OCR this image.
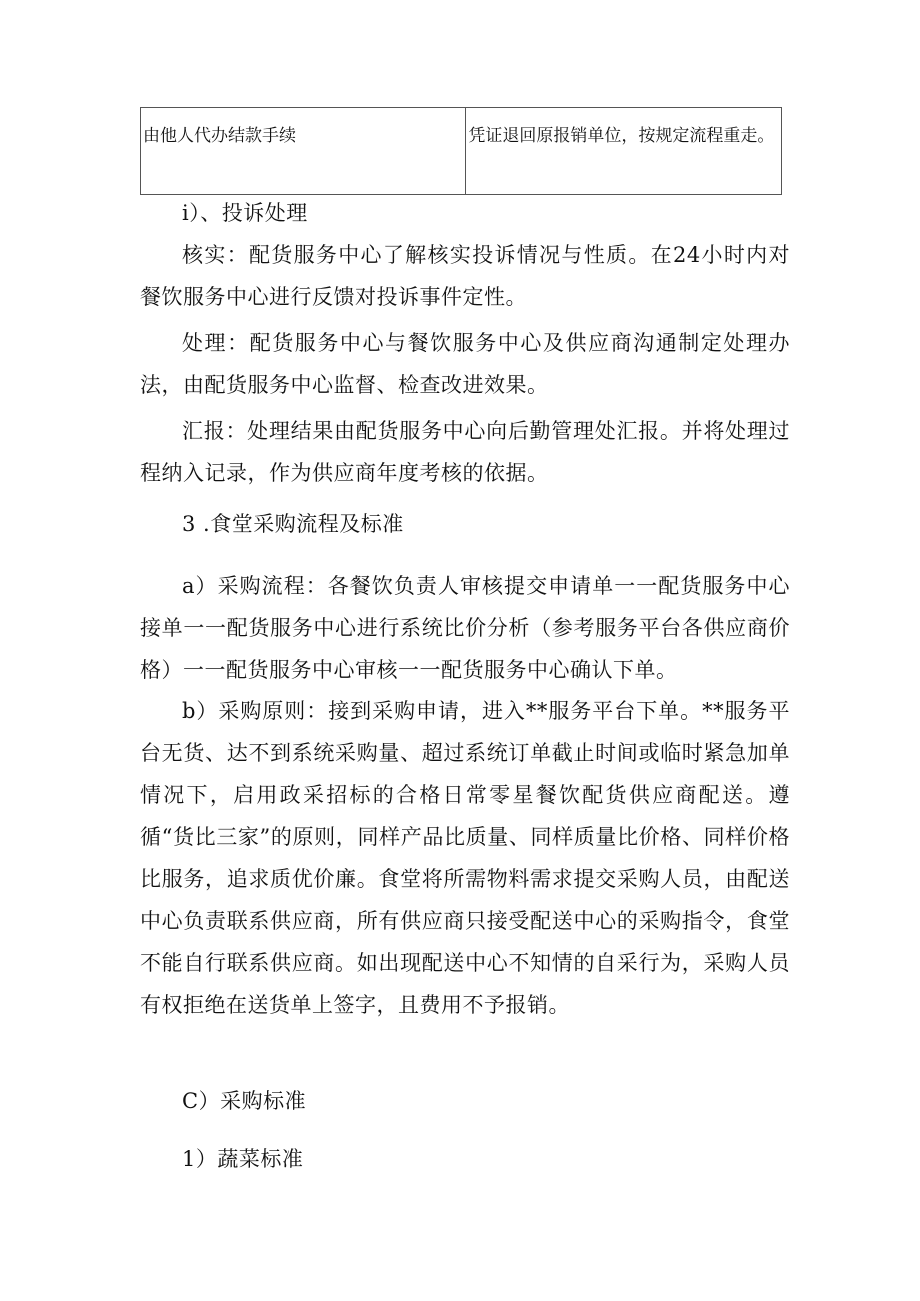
由他人代办结款手续	凭证退回原报销单位，按规定流程重走。

i）、投诉处理

核实：配货服务中心了解核实投诉情况与性质。在24小时内对餐饮服务中心进行反馈对投诉事件定性。

处理：配货服务中心与餐饮服务中心及供应商沟通制定处理办法，由配货服务中心监督、检查改进效果。

汇报：处理结果由配货服务中心向后勤管理处汇报。并将处理过程纳入记录，作为供应商年度考核的依据。

3 .食堂采购流程及标准

a）采购流程：各餐饮负责人审核提交申请单一一配货服务中心接单一一配货服务中心进行系统比价分析（参考服务平台各供应商价格）一一配货服务中心审核一一配货服务中心确认下单。

b）采购原则：接到采购申请，进入**服务平台下单。**服务平台无货、达不到系统采购量、超过系统订单截止时间或临时紧急加单情况下，启用政采招标的合格日常零星餐饮配货供应商配送。遵循“货比三家”的原则，同样产品比质量、同样质量比价格、同样价格比服务，追求质优价廉。食堂将所需物料需求提交采购人员，由配送中心负责联系供应商，所有供应商只接受配送中心的采购指令，食堂不能自行联系供应商。如出现配送中心不知情的自采行为，采购人员有权拒绝在送货单上签字，且费用不予报销。

C）采购标准

1）蔬菜标准
